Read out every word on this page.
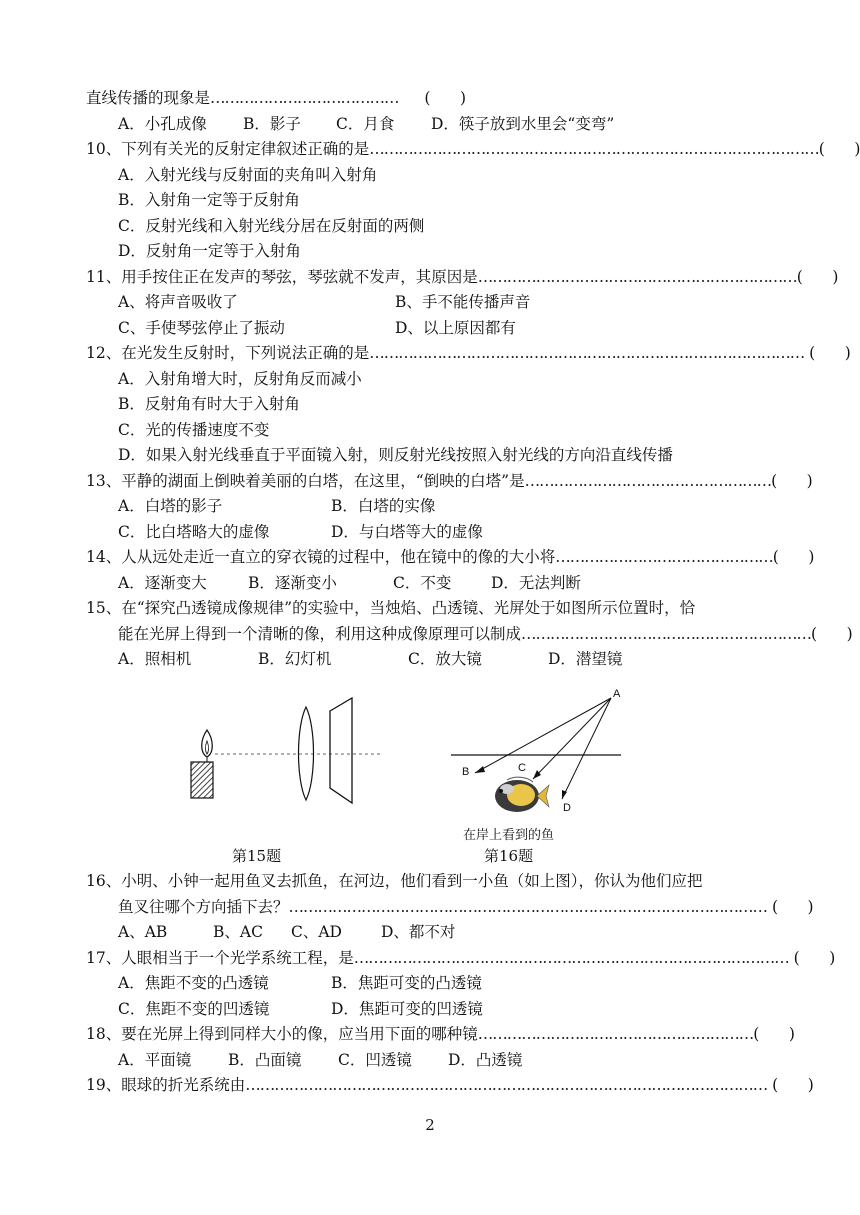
直线传播的现象是 …………………………………	(      )
A．小孔成像 B．影子 C．月食 D．筷子放到水里会“变弯”
10、下列有关光的反射定律叙述正确的是 ………………………………………………………………………………… (      )
A．入射光线与反射面的夹角叫入射角
B．入射角一定等于反射角
C．反射光线和入射光线分居在反射面的两侧
D．反射角一定等于入射角
11、用手按住正在发声的琴弦，琴弦就不发声，其原因是 ………………………………………………………… (      )
A、将声音吸收了	B、手不能传播声音
C、手使琴弦停止了振动	D、以上原因都有
12、在光发生反射时，下列说法正确的是 ……………………………………………………………………………… (      )
A．入射角增大时，反射角反而减小
B．反射角有时大于入射角
C．光的传播速度不变
D．如果入射光线垂直于平面镜入射，则反射光线按照入射光线的方向沿直线传播
13、平静的湖面上倒映着美丽的白塔，在这里，“倒映的白塔”是 …………………………………………… (      )
A．白塔的影子	B．白塔的实像
C．比白塔略大的虚像	D．与白塔等大的虚像
14、人从远处走近一直立的穿衣镜的过程中，他在镜中的像的大小将 ……………………………………… (      )
A．逐渐变大	B．逐渐变小	C．不变	D．无法判断
15、在“探究凸透镜成像规律”的实验中，当烛焰、凸透镜、光屏处于如图所示位置时，恰
能在光屏上得到一个清晰的像，利用这种成像原理可以制成 …………………………………………………… (      )
A．照相机	B．幻灯机	C．放大镜	D．潜望镜
第15题
A
B	C
D
在岸上看到的鱼
第16题
16、小明、小钟一起用鱼叉去抓鱼，在河边，他们看到一小鱼（如上图），你认为他们应把
鱼叉往哪个方向插下去？ ……………………………………………………………………………………… (      )
A、AB	B、AC C、AD	D、都不对
17、人眼相当于一个光学系统工程，是 ……………………………………………………………………………… (      )
A．焦距不变的凸透镜	B．焦距可变的凸透镜
C．焦距不变的凹透镜	D．焦距可变的凹透镜
18、要在光屏上得到同样大小的像，应当用下面的哪种镜 ………………………………………………… (      )
A．平面镜 B．凸面镜 C．凹透镜 D．凸透镜
19、眼球的折光系统由 ……………………………………………………………………………………………… (      )
2
